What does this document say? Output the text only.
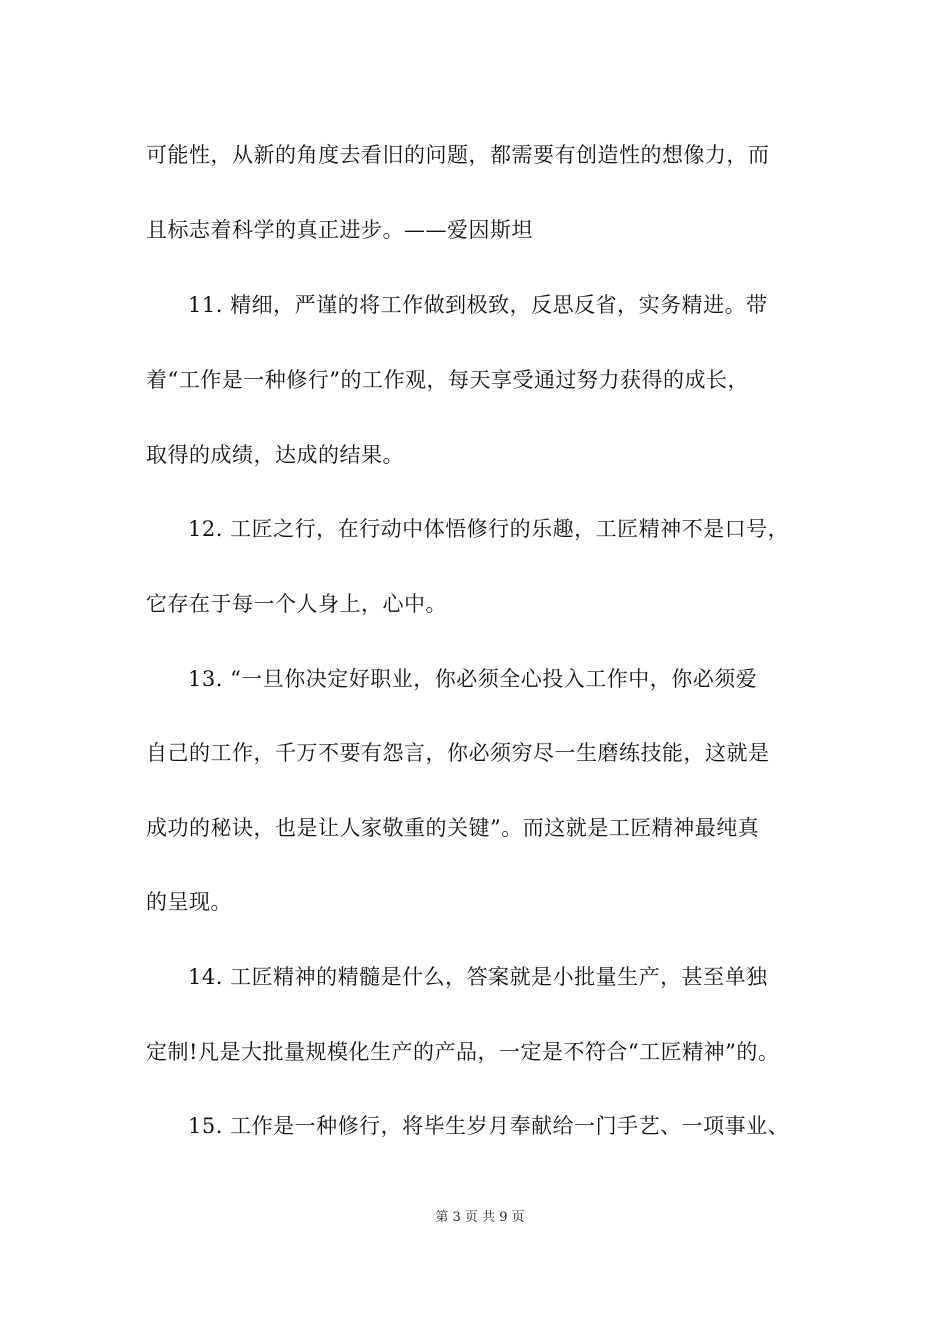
可能性，从新的角度去看旧的问题，都需要有创造性的想像力，而
且标志着科学的真正进步。——爱因斯坦
11. 精细，严谨的将工作做到极致，反思反省，实务精进。带
着“工作是一种修行”的工作观，每天享受通过努力获得的成长，
取得的成绩，达成的结果。
12. 工匠之行，在行动中体悟修行的乐趣，工匠精神不是口号，
它存在于每一个人身上，心中。
13. “一旦你决定好职业，你必须全心投入工作中，你必须爱
自己的工作，千万不要有怨言，你必须穷尽一生磨练技能，这就是
成功的秘诀，也是让人家敬重的关键”。而这就是工匠精神最纯真
的呈现。
14. 工匠精神的精髓是什么，答案就是小批量生产，甚至单独
定制!凡是大批量规模化生产的产品，一定是不符合“工匠精神”的。
15. 工作是一种修行，将毕生岁月奉献给一门手艺、一项事业、
第 3 页 共 9 页
